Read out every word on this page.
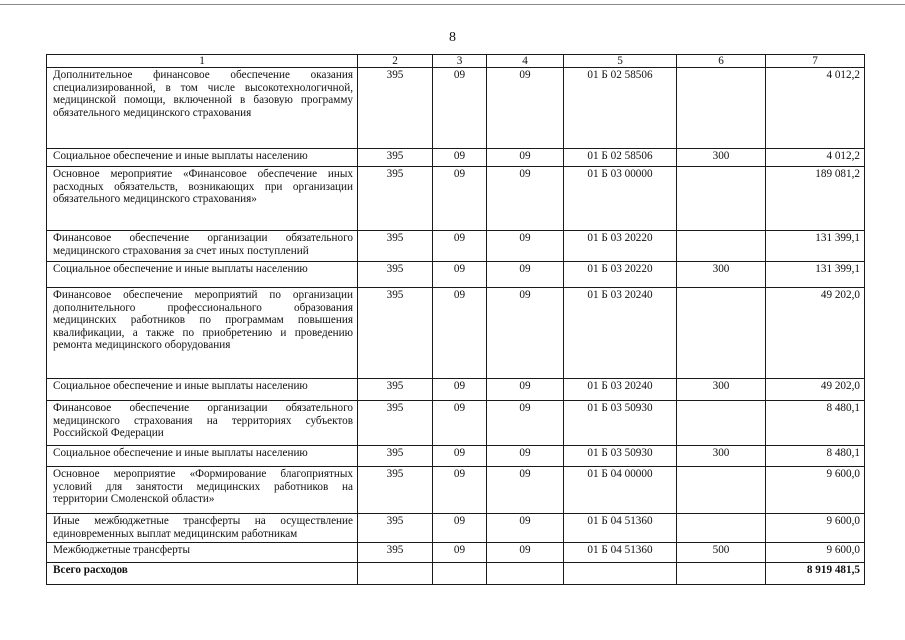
8
1	2	3	4	5	6	7
Дополнительное финансовое обеспечение оказания специализированной, в том числе высокотехнологичной, медицинской помощи, включенной в базовую программу обязательного медицинского страхования	395	09	09	01 Б 02 58506		4 012,2
Социальное обеспечение и иные выплаты населению	395	09	09	01 Б 02 58506	300	4 012,2
Основное мероприятие «Финансовое обеспечение иных расходных обязательств, возникающих при организации обязательного медицинского страхования»	395	09	09	01 Б 03 00000		189 081,2
Финансовое обеспечение организации обязательного медицинского страхования за счет иных поступлений	395	09	09	01 Б 03 20220		131 399,1
Социальное обеспечение и иные выплаты населению	395	09	09	01 Б 03 20220	300	131 399,1
Финансовое обеспечение мероприятий по организации дополнительного профессионального образования медицинских работников по программам повышения квалификации, а также по приобретению и проведению ремонта медицинского оборудования	395	09	09	01 Б 03 20240		49 202,0
Социальное обеспечение и иные выплаты населению	395	09	09	01 Б 03 20240	300	49 202,0
Финансовое обеспечение организации обязательного медицинского страхования на территориях субъектов Российской Федерации	395	09	09	01 Б 03 50930		8 480,1
Социальное обеспечение и иные выплаты населению	395	09	09	01 Б 03 50930	300	8 480,1
Основное мероприятие «Формирование благоприятных условий для занятости медицинских работников на территории Смоленской области»	395	09	09	01 Б 04 00000		9 600,0
Иные межбюджетные трансферты на осуществление единовременных выплат медицинским работникам	395	09	09	01 Б 04 51360		9 600,0
Межбюджетные трансферты	395	09	09	01 Б 04 51360	500	9 600,0
Всего расходов						8 919 481,5
